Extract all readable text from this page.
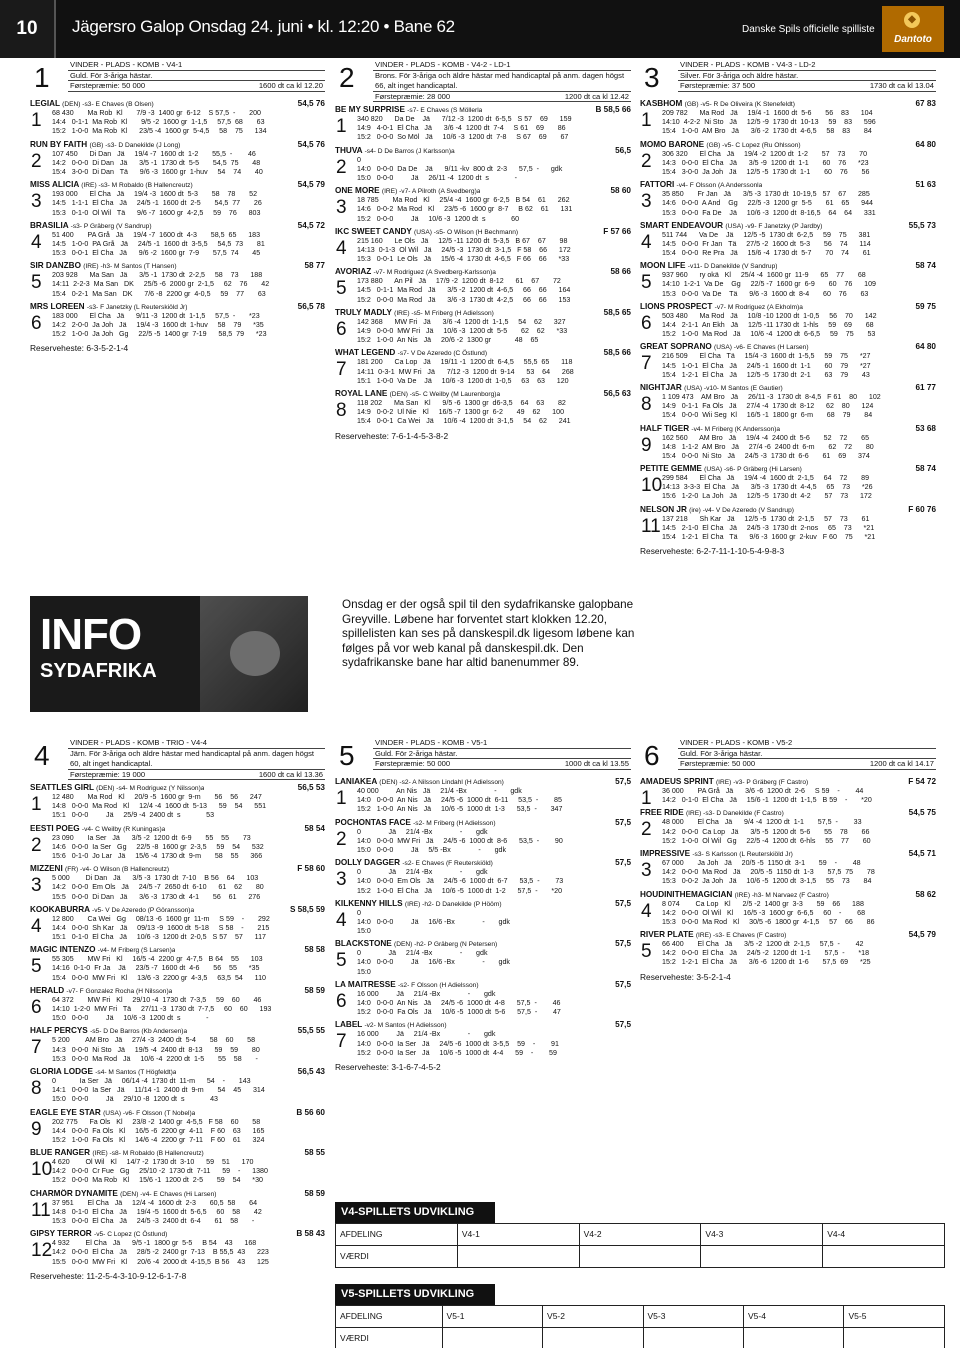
10	Jägersro Galop Onsdag 24. juni • kl. 12:20 • Bane 62	Danske Spils officielle spilliste
◆
Dantoto
1	VINDER - PLADS - KOMB - V4-1
Guld. För 3-åriga hästar.
Førstepræmie: 50 000	1600 dt ca kl 12.20
LEGIAL (DEN) -s3- E Chaves (B Olsen)	54,5 76
1 68 430       Ma Rob  Kl       7/9 -3  1400 gr  6-12    S 57,5  -       200
14:4   0-1-1  Ma Rob  Kl       9/5 -2  1600 gr  1-1,5     57,5  68       63
15:2   1-0-0  Ma Rob  Kl      23/5 -4  1600 gr  5-4,5     58    75      134
RUN BY FAITH (GB) -s3- D Danekilde (J Long)	54,5 76
2 107 450      Di Dan   Jä     19/4 -7  1600 dt  1-2       55,5  -        46
14:2   0-0-0  Di Dan   Jä      3/5 -1  1730 dt  5-5       54,5  75       48
15:4   3-0-0  Di Dan   Tä      9/6 -3  1600 gr  1-huv     54    74       40
MISS ALICIA (IRE) -s3- M Robaldo (B Hallencreutz)	54,5 79
3 193 000      El Cha   Jä     19/4 -3  1600 dt  5-3       58    78       52
14:5   1-1-1  El Cha   Jä     24/5 -1  1600 dt  2-5       54,5  77       26
15:3   0-1-0  Ol Wil   Tä      9/6 -7  1600 gr  4-2,5     59    76      803
BRASILIA -s3- P Gräberg (V Sandrup)	54,5 72
4 51 400       PA Grå   Jä     19/4 -7  1600 dt  4-3       58,5  65      183
14:5   1-0-0  PA Grå   Jä     24/5 -1  1600 dt  3-5,5     54,5  73       81
15:3   0-0-1  El Cha   Jä      9/6 -2  1600 gr  7-9       57,5  74       45
SIR DANZBO (IRE) -h3- M Santos (T Hansen)	58 77
5 203 928      Ma San   Jä      3/5 -1  1730 dt  2-2,5     58    73      188
14:11  2-2-3  Ma San   DK     25/5 -6  2000 gr  2-1,5     62    76       42
15:4   0-2-1  Ma San   DK      7/6 -8  2200 gr  4-0,5     59    77       63
MRS LOREEN -s3- F Janetzky (L Reuterskiöld Jr)	56,5 78
6 183 000      El Cha   Jä      9/11 -3  1200 dt  1-1,5     57,5  -       *23
14:2   2-0-0  Ja Joh   Jä     19/4 -3  1600 dt  1-huv     58    79      *35
15:2   1-0-0  Ja Joh   Gg     22/5 -5  1400 gr  7-19      58,5  79      *23
Reserveheste: 6-3-5-2-1-4
2	VINDER - PLADS - KOMB - V4-2 - LD-1
Brons. För 3-åriga och äldre hästar med handicaptal på anm. dagen högst 66, alt inget handicaptal.
Førstepræmie: 28 000	1200 dt ca kl 12.42
BE MY SURPRISE -s7- E Chaves (S Möllerla	B 58,5 66
1 340 820      Da De    Jä      7/12 -3  1200 dt  6-5,5   S 57    69      159
14:9   4-0-1  El Cha   Jä      3/6 -4  1200 dt  7-4     S 61    69       86
15:2   0-0-0  So Möl   Jä     10/6 -3  1200 dt  7-8     S 67    69       67
THUVA -s4- D De Barros (J Karlsson)a	56,5
2 0
14:0   0-0-0  Da De    Jä      9/11 -kv  800 dt  2-3      57,5  -      gdk
15:0   0-0-0         Jä     26/11 -4  1200 dt  s             -
ONE MORE (IRE) -v7- A Pilroth (A Svedberg)a	58 60
3 18 785       Ma Rod   Kl     25/4 -4  1600 gr  6-2,5   B 54    61      262
14:6   0-0-2  Ma Rod   Kl     23/5 -6  1600 gr  8-7     B 62    61      131
15:2   0-0-0         Jä     10/6 -3  1200 dt  s             60
IKC SWEET CANDY (USA) -s5- O Wilson (H Bechmann)	F 57 66
4 215 160      Le Ols   Jä     12/5 -11 1200 dt  5-3,5   B 67    67       98
14:13  0-1-3  Ol Wil   Jä     24/5 -3  1730 dt  3-1,5   F 58    66      172
15:3   0-0-1  Le Ols   Jä     15/6 -4  1730 dt  4-6,5   F 66    66      *33
AVORIAZ -v7- M Rodriguez (A Svedberg-Karlsson)a	58 66
5 173 880      An Pil   Jä     17/9 -2  1200 dt  8-12      61    67       72
14:5   0-1-1  Ma Rod   Jä      3/5 -2  1200 dt  4-6,5     66    66      164
15:2   0-0-0  Ma Rod   Jä      3/6 -3  1730 dt  4-2,5     66    66      153
TRULY MADLY (IRE) -s5- M Friberg (H Adielsson)	58,5 65
6 142 368      MW Fri   Jä      3/6 -4  1200 dt  1-1,5     54    62      327
14:9   0-0-0  MW Fri   Jä     10/6 -3  1200 dt  5-5       62    62      *33
15:2   1-0-0  An Nis   Jä     20/6 -2  1300 gr            48    65
WHAT LEGEND -s7- V De Azeredo (C Östlund)	58,5 66
7 181 200      Ca Lop   Jä     19/11 -1  1200 dt  6-4,5     55,5  65      118
14:11  0-3-1  MW Fri   Jä      7/12 -3  1200 dt  9-14      53    64      268
15:1   1-0-0  Va De    Jä     10/6 -3  1200 dt  1-0,5     63    63      120
ROYAL LANE (DEN) -s5- C Weilby (M Laurenborg)a	56,5 63
8 118 202      Ma San   Kl      9/5 -6  1300 gr  d6-3,5    64    63       82
14:9   0-0-2  Ul Nie   Kl     16/5 -7  1300 gr  6-2       49    62      100
15:4   0-0-1  Ca Wei   Jä     10/6 -4  1200 dt  3-1,5     54    62      241
Reserveheste: 7-6-1-4-5-3-8-2
3	VINDER - PLADS - KOMB - V4-3 - LD-2
Silver. För 3-åriga och äldre hästar.
Førstepræmie: 37 500	1730 dt ca kl 13.04
KASBHOM (GB) -v5- R De Oliveira (K Stenefeldt)	67 83
1 209 782      Ma Rod   Jä     19/4 -1  1600 dt  5-6       56    83      104
14:10  4-2-2  Ni Sto   Jä     12/5 -9  1730 dt  10-13     59    83      596
15:4   1-0-0  AM Bro   Jä      3/6 -2  1730 dt  4-6,5     58    83       84
MOMO BARONE (GB) -v5- C Lopez (Ru Ohlsson)	64 80
2 306 320      El Cha   Jä     19/4 -2  1200 dt  1-2       57    73       70
14:3   0-0-0  El Cha   Jä      3/5 -9  1200 dt  1-1       60    76      *23
15:4   3-0-0  Ja Joh   Jä     12/5 -5  1730 dt  1-1       60    76       56
FATTORI -v4- F Olsson (A Anderssonla	51 63
3 35 850       Fr Jan   Jä      3/5 -3  1730 dt  10-19,5   57    67      285
14:6   0-0-0  A And    Gg     22/5 -3  1200 gr  5-5       61    65      944
15:3   0-0-0  Fa De    Jä     10/6 -3  1200 dt  8-16,5    64    64      331
SMART ENDEAVOUR (USA) -v9- F Janetzky (P Jardby)	55,5 73
4 511 744      Va De    Jä     12/5 -5  1730 dt  6-2,5     59    75      381
14:5   0-0-0  Fr Jan   Tä     27/5 -2  1600 dt  5-3       56    74      114
15:4   0-0-0  Re Pra   Jä     15/6 -4  1730 dt  5-7       70    74       61
MOON LIFE -v11- D Danekilde (V Sandrup)	58 74
5 937 960      ry okä   Kl     25/4 -4  1600 gr  11-9      65    77       68
14:10  1-2-1  Va De    Gg     22/5 -7  1600 gr  6-9       60    76      109
15:3   0-0-0  Va De    Tä      9/6 -3  1600 dt  8-4       60    76       63
LIONS PROSPECT -v7- M Rodriguez (A Ekholm)a	59 75
6 503 480      Ma Rod   Jä     10/8 -10 1200 dt  1-0,5     56    70      142
14:4   2-1-1  An Ekh   Jä     12/5 -11 1730 dt  1-hls     59    69       68
15:2   1-0-0  Ma Rod   Jä     10/6 -4  1200 dt  6-6,5     59    75       53
GREAT SOPRANO (USA) -v6- E Chaves (H Larsen)	64 80
7 216 509      El Cha   Tä     15/4 -3  1600 dt  1-5,5     59    75      *27
14:5   1-0-1  El Cha   Jä     24/5 -1  1600 dt  1-1       60    79      *27
15:4   1-2-1  El Cha   Jä     12/5 -5  1730 dt  2-1       63    79       43
NIGHTJAR (USA) -v10- M Santos (E Gautier)	61 77
8 1 109 473    AM Bro   Jä     26/11 -3  1730 dt  8-4,5   F 61    80      102
14:9   0-1-1  Fa Ols   Jä     27/4 -4  1730 dt  8-12      62    80      124
15:4   0-0-0  Wii Seg  Kl     16/5 -1  1800 gr  6-m       68    79       84
HALF TIGER -v4- M Friberg (K Andersson)a	53 68
9 162 560      AM Bro   Jä     19/4 -4  2400 dt  5-6       52    72       65
14:8   1-1-2  AM Bro   Jä     27/4 -6  2400 dt  6-m       62    72       80
15:4   0-0-0  Ni Sto   Jä     24/5 -3  1730 dt  6-6       61    69      374
PETITE GEMME (USA) -s6- P Gräberg (Hi Larsen)	58 74
10 299 584      El Cha   Jä     19/4 -4  1600 dt  2-1,5     64    72       89
14:13  3-3-3  El Cha   Jä      3/5 -3  1730 dt  4-4,5     65    73      *26
15:6   1-2-0  La Joh   Jä     12/5 -5  1730 dt  4-2       57    73      172
NELSON JR (ire) -v4- V De Azeredo (V Sandrup)	F 60 76
11 137 218      Sh Kar   Jä     12/5 -5  1730 dt  2-1,5     57    73       61
14:5   2-1-0  El Cha   Jä     24/5 -3  1730 dt  2-nos     65    73      *21
15:4   1-2-1  El Cha   Tä      9/6 -3  1600 gr  2-kuv   F 60    75      *21
Reserveheste: 6-2-7-11-1-10-5-4-9-8-3
4	VINDER - PLADS - KOMB - TRIO - V4-4
Järn. För 3-åriga och äldre hästar med handicaptal på anm. dagen högst 60, alt inget handicaptal.
Førstepræmie: 19 000	1600 dt ca kl 13.36
SEATTLES GIRL (DEN) -s4- M Rodriguez (Y Nilsson)a	56,5 53
1 12 480       Ma Rod   Kl     20/9 -5  1600 gr  9-m       56    56      247
14:8   0-0-0  Ma Rod   Kl     12/4 -4  1600 dt  5-13      59    54      551
15:1   0-0-0         Jä     25/9 -4  2400 dt  s             53
EESTI POEG -v4- C Weilby (R Kuningas)a	58 54
2 23 090       Ia Ser   Jä      3/5 -2  1200 dt  6-9       55    55       73
14:6   0-0-0  Ia Ser   Gg     22/5 -8  1600 gr  2-3,5     59    54      532
15:6   0-1-0  Jo Lar   Jä     15/6 -4  1730 dt  9-m       58    55      366
MIZZENI (FR) -v4- O Wilson (B Hallencreutz)	F 58 60
3 5 000        Di Dan   Jä      3/5 -3  1730 dt  7-10    B 56    64      103
14:2   0-0-0  Em Ols   Jä     24/5 -7  2650 dt  6-10      61    62       80
15:5   0-0-0  Di Dan   Jä      3/6 -3  1730 dt  4-1       56    61      276
KOOKABURRA -v5- V De Azeredo (P Göransson)a	S 58,5 59
4 12 800       Ca Wei   Gg     08/13 -6  1600 gr  11-m     S 59    -       292
14:4   0-0-0  Sh Kar   Jä     09/13 -9  1600 dt  5-18     S 58    -       215
15:1   0-1-0  El Cha   Jä     10/6 -3  1200 dt  2-0,5   S 57    57      117
MAGIC INTENZO -v4- M Friberg (S Larsen)a	58 58
5 55 305       MW Fri   Kl     16/5 -4  2200 gr  4-7,5   B 64    55      103
14:16  0-1-0  Fr Ja    Jä     23/5 -7  1600 dt  4-6       56    55      *35
15:4   0-0-0  MW Fri   Kl     13/6 -3  2200 gr  4-3,5     63,5  54      110
HERALD -v7- F Gonzalez Rocha (H Nilsson)a	58 59
6 64 372       MW Fri   Kl     29/10 -4  1730 dt  7-3,5     59    60       46
14:10  1-2-0  MW Fri   Tä     27/11 -3  1730 dt  7-7,5     60    60      193
15:0   0-0-0         Jä     10/6 -3  1200 dt  s             -
HALF PERCYS -s5- D De Barros (Kb Andersen)a	55,5 55
7 5 200        AM Bro   Jä     27/4 -3  2400 dt  5-4       58    60       58
14:3   0-0-0  Ni Sto   Jä     19/5 -4  2400 dt  8-13      59    59       80
15:3   0-0-0  Ma Rod   Jä     10/6 -4  2200 dt  1-5       55    58       -
GLORIA LODGE -s4- M Santos (T Högfeldt)a	56,5 43
8 0            Ia Ser   Jä     06/14 -4  1730 dt  11-m      54    -       143
14:1   0-0-0  Ia Ser   Jä     11/14 -1  2400 dt  9-m       54    45      314
15:0   0-0-0         Jä     29/10 -8  1200 dt  s             43
EAGLE EYE STAR (USA) -v6- F Olsson (T Nobel)a	B 56 60
9 202 775      Fa Ols   Kl     23/8 -2  1400 gr  4-5,5   F 58    60       58
14:4   0-0-0  Fa Ols   Kl     16/5 -6  2200 gr  4-11    F 60    63      165
15:2   1-0-0  Fa Ols   Kl     14/6 -4  2200 gr  7-11    F 60    61      324
BLUE RANGER (IRE) -s8- M Robaldo (B Hallencreutz)	58 55
10 4 620        Ol Wil   Kl     14/7 -2  1730 dt  3-10      59    51      170
14:2   0-0-0  Cr Fue   Gg     25/10 -2  1730 dt  7-11      59    -      1380
15:2   0-0-0  Ma Rob   Kl     15/6 -1  1200 dt  2-5       59    54      *30
CHARMÖR DYNAMITE (DEN) -v4- E Chaves (Hi Larsen)	58 59
11 37 951       El Cha   Jä     12/4 -4  1600 dt  2-3       60,5  58       64
14:8   0-1-0  El Cha   Jä     19/4 -5  1600 dt  5-6,5     60    58       42
15:3   0-0-0  El Cha   Jä     24/5 -3  2400 dt  6-4       61    58       -
GIPSY TERROR -v5- C Lopez (C Östlund)	B 58 43
12 4 932        El Cha   Jä      9/5 -1  1800 gr  5-5     B 54    43      168
14:2   0-0-0  El Cha   Jä     28/5 -2  2400 gr  7-13    B 55,5  43      223
15:5   0-0-0  MW Fri   Kl     20/6 -4  2000 dt  4-15,5  B 56    43      125
Reserveheste: 11-2-5-4-3-10-9-12-6-1-7-8
5	VINDER - PLADS - KOMB - V5-1
Guld. För 2-åriga hästar.
Førstepræmie: 50 000	1000 dt ca kl 13.55
LANIAKEA (DEN) -s2- A Nilsson Lindahl (H Adielsson)	57,5
1 40 000         An Nis   Jä     21/4 -Bx              -       gdk
14:0   0-0-0  An Nis   Jä     24/5 -6  1000 dt  6-11     53,5  -        85
15:2   1-0-0  An Nis   Jä     10/6 -5  1000 dt  1-3      53,5  -       347
POCHONTAS FACE -s2- M Friberg (H Adielsson)	57,5
2 0              Jä     21/4 -Bx              -       gdk
14:0   0-0-0  MW Fri   Jä     24/5 -6  1000 dt  8-6      53,5  -        90
15:0   0-0-0         Jä     5/5 -Bx              -       gdk
DOLLY DAGGER -s2- E Chaves (F Reuterskiöld)	57,5
3 0              Jä     21/4 -Bx              -       gdk
14:0   0-0-0  Em Ols   Jä     24/5 -6  1000 dt  6-7      53,5  -        73
15:2   1-0-0  El Cha   Jä     10/6 -5  1000 dt  1-2      57,5  -       *20
KILKENNY HILLS (IRE) -h2- D Danekilde (P Hööm)	57,5
4 0
14:0   0-0-0         Jä     16/6 -Bx              -       gdk
15:0
BLACKSTONE (DEN) -h2- P Gräberg (N Petersen)	57,5
5 0              Jä     21/4 -Bx              -       gdk
14:0   0-0-0         Jä     16/6 -Bx              -       gdk
15:0
LA MAITRESSE -s2- F Olsson (H Adielsson)	57,5
6 16 000         Jä     21/4 -Bx              -       gdk
14:0   0-0-0  An Nis   Jä     24/5 -6  1000 dt  4-8      57,5  -        46
15:2   0-0-0  Fa Ols   Jä     10/6 -5  1000 dt  5-6      57,5  -        47
LABEL -v2- M Santos (H Adielsson)	57,5
7 16 000         Jä     21/4 -Bx              -       gdk
14:0   0-0-0  Ia Ser   Jä     24/5 -6  1000 dt  3-5,5    59    -        91
15:2   0-0-0  Ia Ser   Jä     10/6 -5  1000 dt  4-4      59    -        59
Reserveheste: 3-1-6-7-4-5-2
6	VINDER - PLADS - KOMB - V5-2
Guld. För 3-åriga hästar.
Førstepræmie: 50 000	1200 dt ca kl 14.17
AMADEUS SPRINT (IRE) -v3- P Gräberg (F Castro)	F 54 72
1 36 000       PA Grå   Jä      3/6 -6  1200 dt  2-6     S 59    -        44
14:2   0-1-0  El Cha   Jä     15/6 -1  1200 dt  1-1,5   B 59    -       *20
FREE RIDE (IRE) -s3- D Danekilde (F Castro)	54,5 75
2 48 000       El Cha   Jä      9/4 -4  1200 dt  1-1       57,5  -        33
14:2   0-0-0  Ca Lop   Jä      3/5 -5  1200 dt  5-6       55    78       66
15:2   1-0-0  Ol Wil   Gg     22/5 -4  1200 dt  6-hls     55    77       60
IMPRESSIVE -s3- S Karlsson (L Reuterskiöld Jr)	54,5 71
3 67 000       Ja Joh   Jä     20/5 -5  1150 dt  3-1       59    -        48
14:2   0-0-0  Ma Rod   Jä     20/5 -5  1150 dt  1-3       57,5  75       78
15:3   0-0-2  Ja Joh   Jä     10/6 -5  1200 dt  3-1,5     55    73       84
HOUDINITHEMAGICIAN (IRE) -h3- M Narvaez (F Castro)	58 62
4 8 074        Ca Lop   Kl      2/5 -2  1400 gr  3-3       59    66      188
14:2   0-0-0  Ol Wil   Kl     16/5 -3  1600 gr  6-6,5     60    -        68
15:3   0-0-0  Ma Rod   Kl     30/5 -6  1800 gr  4-1,5     57    66       86
RIVER PLATE (IRE) -s3- E Chaves (F Castro)	54,5 79
5 66 400       El Cha   Jä      3/5 -2  1200 dt  2-1,5     57,5  -        42
14:2   0-0-0  El Cha   Jä     24/5 -2  1200 dt  1-1       57,5  -       *18
15:2   1-2-1  El Cha   Jä      3/6 -6  1200 dt  1-6       57,5  69      *25
Reserveheste: 3-5-2-1-4
INFO
SYDAFRIKA
Onsdag er der også spil til den sydafrikanske galopbane Greyville. Løbene har forventet start klokken 12.20, spillelisten kan ses på danskespil.dk ligesom løbene kan følges på vor web kanal på danskespil.dk. Den sydafrikanske bane har altid banenummer 89.
V4-SPILLETS UDVIKLING
AFDELING	V4-1	V4-2	V4-3	V4-4
VÆRDI				
V5-SPILLETS UDVIKLING
AFDELING	V5-1	V5-2	V5-3	V5-4	V5-5
VÆRDI					
